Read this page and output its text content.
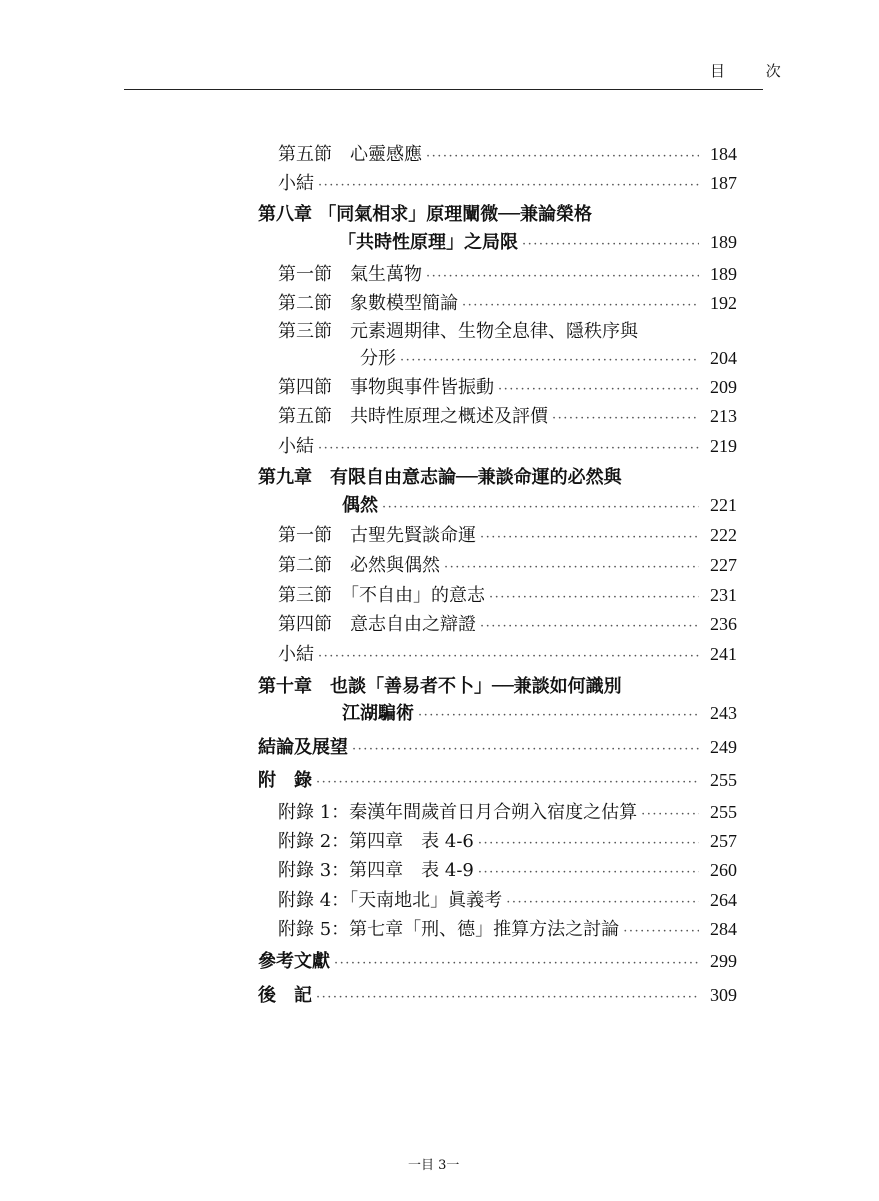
目 次
第五節　心靈感應 ·····	184
小結 ·····	187
第八章 「同氣相求」原理闡微──兼論榮格
「共時性原理」之局限 ·····	189
第一節　氣生萬物 ·····	189
第二節　象數模型簡論 ·····	192
第三節　元素週期律、生物全息律、隱秩序與
分形 ·····	204
第四節　事物與事件皆振動 ·····	209
第五節　共時性原理之概述及評價 ·····	213
小結 ·····	219
第九章　有限自由意志論──兼談命運的必然與
偶然 ·····	221
第一節　古聖先賢談命運 ·····	222
第二節　必然與偶然 ·····	227
第三節　「不自由」的意志 ·····	231
第四節　意志自由之辯證 ·····	236
小結 ·····	241
第十章　也談「善易者不卜」──兼談如何識別
江湖騙術 ·····	243
結論及展望 ·····	249
附　錄 ·····	255
附錄 1：秦漢年間歲首日月合朔入宿度之估算 ·····	255
附錄 2：第四章　表 4-6 ·····	257
附錄 3：第四章　表 4-9 ·····	260
附錄 4：「天南地北」眞義考 ·····	264
附錄 5：第七章「刑、德」推算方法之討論 ·····	284
參考文獻 ·····	299
後　記 ·····	309
一目 3一
